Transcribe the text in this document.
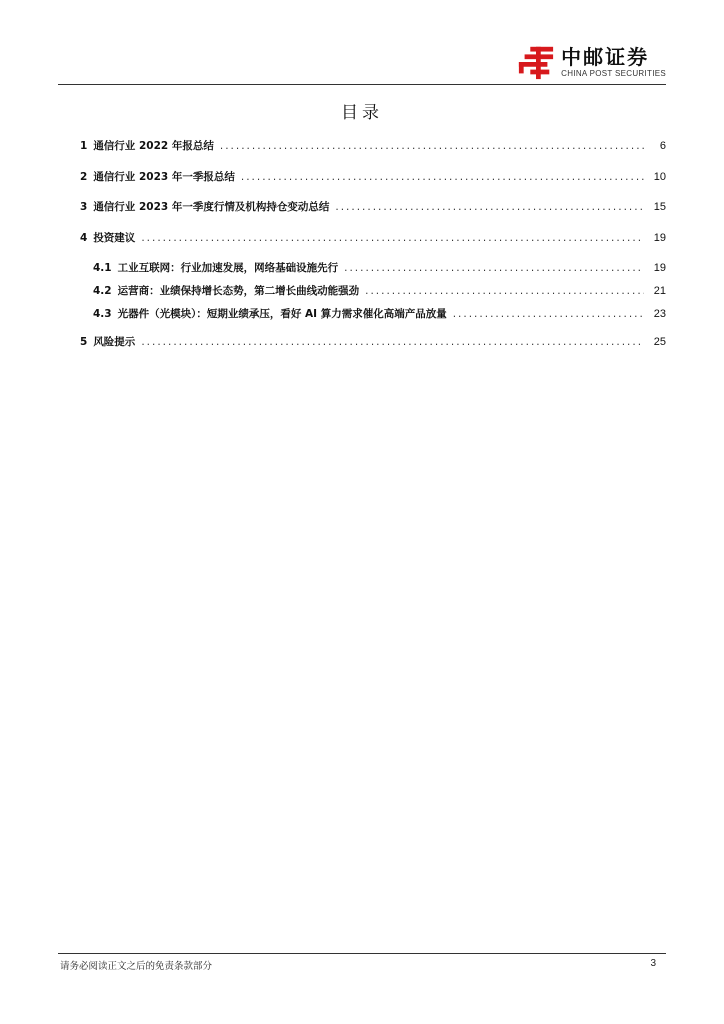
中邮证券
CHINA POST SECURITIES
目录
1 通信行业 2022 年报总结 .....	6
2 通信行业 2023 年一季报总结 .....	10
3 通信行业 2023 年一季度行情及机构持仓变动总结 .....	15
4 投资建议 .....	19
4.1 工业互联网：行业加速发展，网络基础设施先行 .....	19
4.2 运营商：业绩保持增长态势，第二增长曲线动能强劲 .....	21
4.3 光器件（光模块）：短期业绩承压，看好 AI 算力需求催化高端产品放量 .....	23
5 风险提示 .....	25
请务必阅读正文之后的免责条款部分	3
